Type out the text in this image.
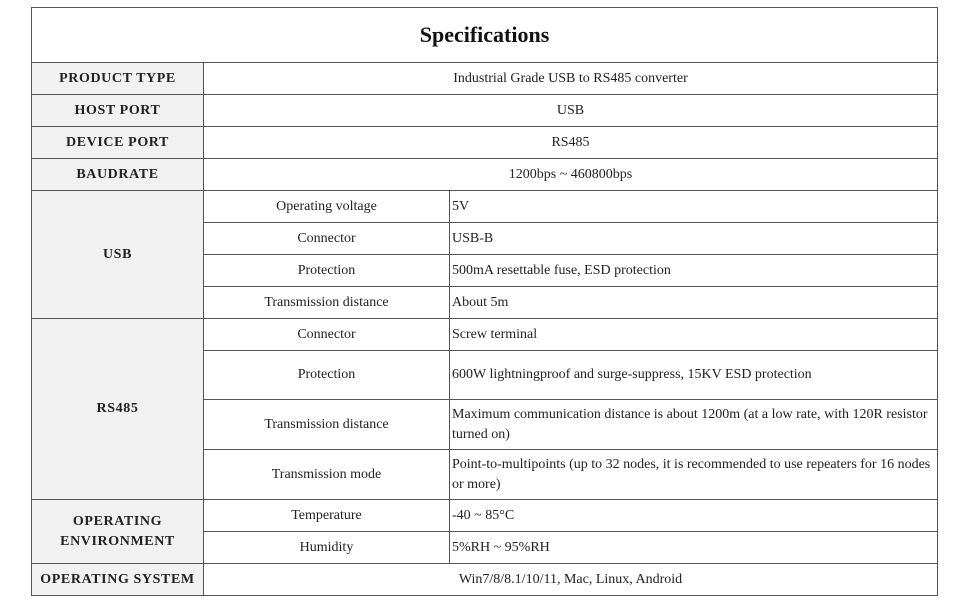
Specifications		
PRODUCT TYPE	Industrial Grade USB to RS485 converter	
HOST PORT	USB	
DEVICE PORT	RS485	
BAUDRATE	1200bps ~ 460800bps	
USB	Operating voltage	5V
	Connector	USB-B
	Protection	500mA resettable fuse, ESD protection
	Transmission distance	About 5m
RS485	Connector	Screw terminal
	Protection	600W lightningproof and surge-suppress, 15KV ESD protection
	Transmission distance	Maximum communication distance is about 1200m (at a low rate, with 120R resistor turned on)
	Transmission mode	Point-to-multipoints (up to 32 nodes, it is recommended to use repeaters for 16 nodes or more)
OPERATING
ENVIRONMENT	Temperature	-40 ~ 85°C
	Humidity	5%RH ~ 95%RH
OPERATING SYSTEM	Win7/8/8.1/10/11, Mac, Linux, Android	
